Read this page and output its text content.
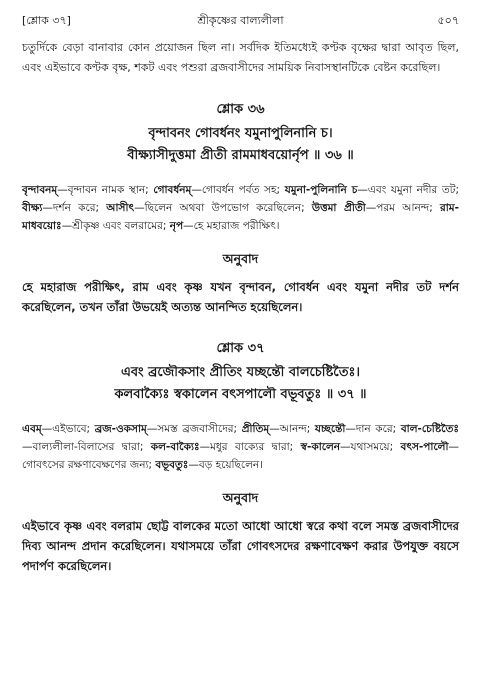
[শ্লোক ৩৭]	শ্রীকৃষ্ণের বাল্যলীলা	৫০৭

চতুর্দিকে বেড়া বানাবার কোন প্রয়োজন ছিল না। সর্বদিক ইতিমধ্যেই কণ্টক বৃক্ষের দ্বারা আবৃত ছিল, এবং এইভাবে কণ্টক বৃক্ষ, শকট এবং পশুরা ব্রজবাসীদের সাময়িক নিবাসস্থানটিকে বেষ্টন করেছিল।

শ্লোক ৩৬

বৃন্দাবনং গোবর্ধনং যমুনাপুলিনানি চ।

বীক্ষ্যাসীদুত্তমা প্রীতী রামমাধবয়োর্নৃপ ॥ ৩৬ ॥

বৃন্দাবনম্—বৃন্দাবন নামক স্থান; গোবর্ধনম্—গোবর্ধন পর্বত সহ; যমুনা-পুলিনানি চ—এবং যমুনা নদীর তট; বীক্ষ্য—দর্শন করে; আসীৎ—ছিলেন অথবা উপভোগ করেছিলেন; উত্তমা প্রীতী—পরম আনন্দ; রাম-মাধবয়োঃ—শ্রীকৃষ্ণ এবং বলরামের; নৃপ—হে মহারাজ পরীক্ষিৎ।

অনুবাদ

হে মহারাজ পরীক্ষিৎ, রাম এবং কৃষ্ণ যখন বৃন্দাবন, গোবর্ধন এবং যমুনা নদীর তট দর্শন করেছিলেন, তখন তাঁরা উভয়েই অত্যন্ত আনন্দিত হয়েছিলেন।

শ্লোক ৩৭

এবং ব্রজৌকসাং প্রীতিং যচ্ছন্তৌ বালচেষ্টিতৈঃ।

কলবাক্যৈঃ স্বকালেন বৎসপালৌ বভূবতুঃ ॥ ৩৭ ॥

এবম্—এইভাবে; ব্রজ-ওকসাম্—সমস্ত ব্রজবাসীদের; প্রীতিম্—আনন্দ; যচ্ছন্তৌ—দান করে; বাল-চেষ্টিতৈঃ—বাল্যলীলা-বিলাসের দ্বারা; কল-বাক্যৈঃ—মধুর বাক্যের দ্বারা; স্ব-কালেন—যথাসময়ে; বৎস-পালৌ—গোবৎসের রক্ষণাবেক্ষণের জন্য; বভূবতুঃ—বড় হয়েছিলেন।

অনুবাদ

এইভাবে কৃষ্ণ এবং বলরাম ছোট্ট বালকের মতো আধো আধো স্বরে কথা বলে সমস্ত ব্রজবাসীদের দিব্য আনন্দ প্রদান করেছিলেন। যথাসময়ে তাঁরা গোবৎসদের রক্ষণাবেক্ষণ করার উপযুক্ত বয়সে পদার্পণ করেছিলেন।
